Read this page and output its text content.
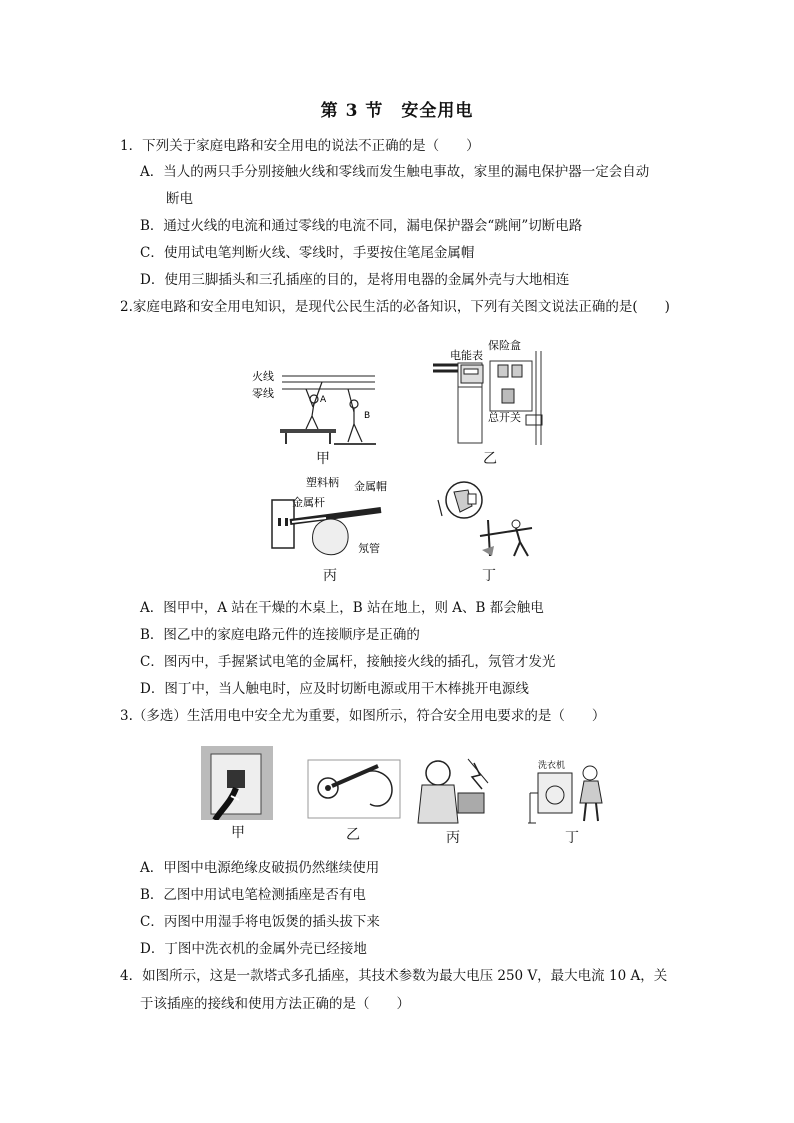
第 3 节　安全用电
1．下列关于家庭电路和安全用电的说法不正确的是（　　）
A．当人的两只手分别接触火线和零线而发生触电事故，家里的漏电保护器一定会自动
断电
B．通过火线的电流和通过零线的电流不同，漏电保护器会“跳闸”切断电路
C．使用试电笔判断火线、零线时，手要按住笔尾金属帽
D．使用三脚插头和三孔插座的目的，是将用电器的金属外壳与大地相连
2.家庭电路和安全用电知识，是现代公民生活的必备知识，下列有关图文说法正确的是(　　)
火线
零线	A
B
甲
电能表
保险盒
总开关
乙
塑料柄 金属帽
金属杆
氖管
丙	丁
A．图甲中，A 站在干燥的木桌上，B 站在地上，则 A、B 都会触电
B．图乙中的家庭电路元件的连接顺序是正确的
C．图丙中，手握紧试电笔的金属杆，接触接火线的插孔，氖管才发光
D．图丁中，当人触电时，应及时切断电源或用干木棒挑开电源线
3.（多选）生活用电中安全尤为重要，如图所示，符合安全用电要求的是（　　）
甲	乙	丙
洗衣机
丁
A．甲图中电源绝缘皮破损仍然继续使用
B．乙图中用试电笔检测插座是否有电
C．丙图中用湿手将电饭煲的插头拔下来
D．丁图中洗衣机的金属外壳已经接地
4．如图所示，这是一款塔式多孔插座，其技术参数为最大电压 250 V，最大电流 10 A，关
于该插座的接线和使用方法正确的是（　　）
